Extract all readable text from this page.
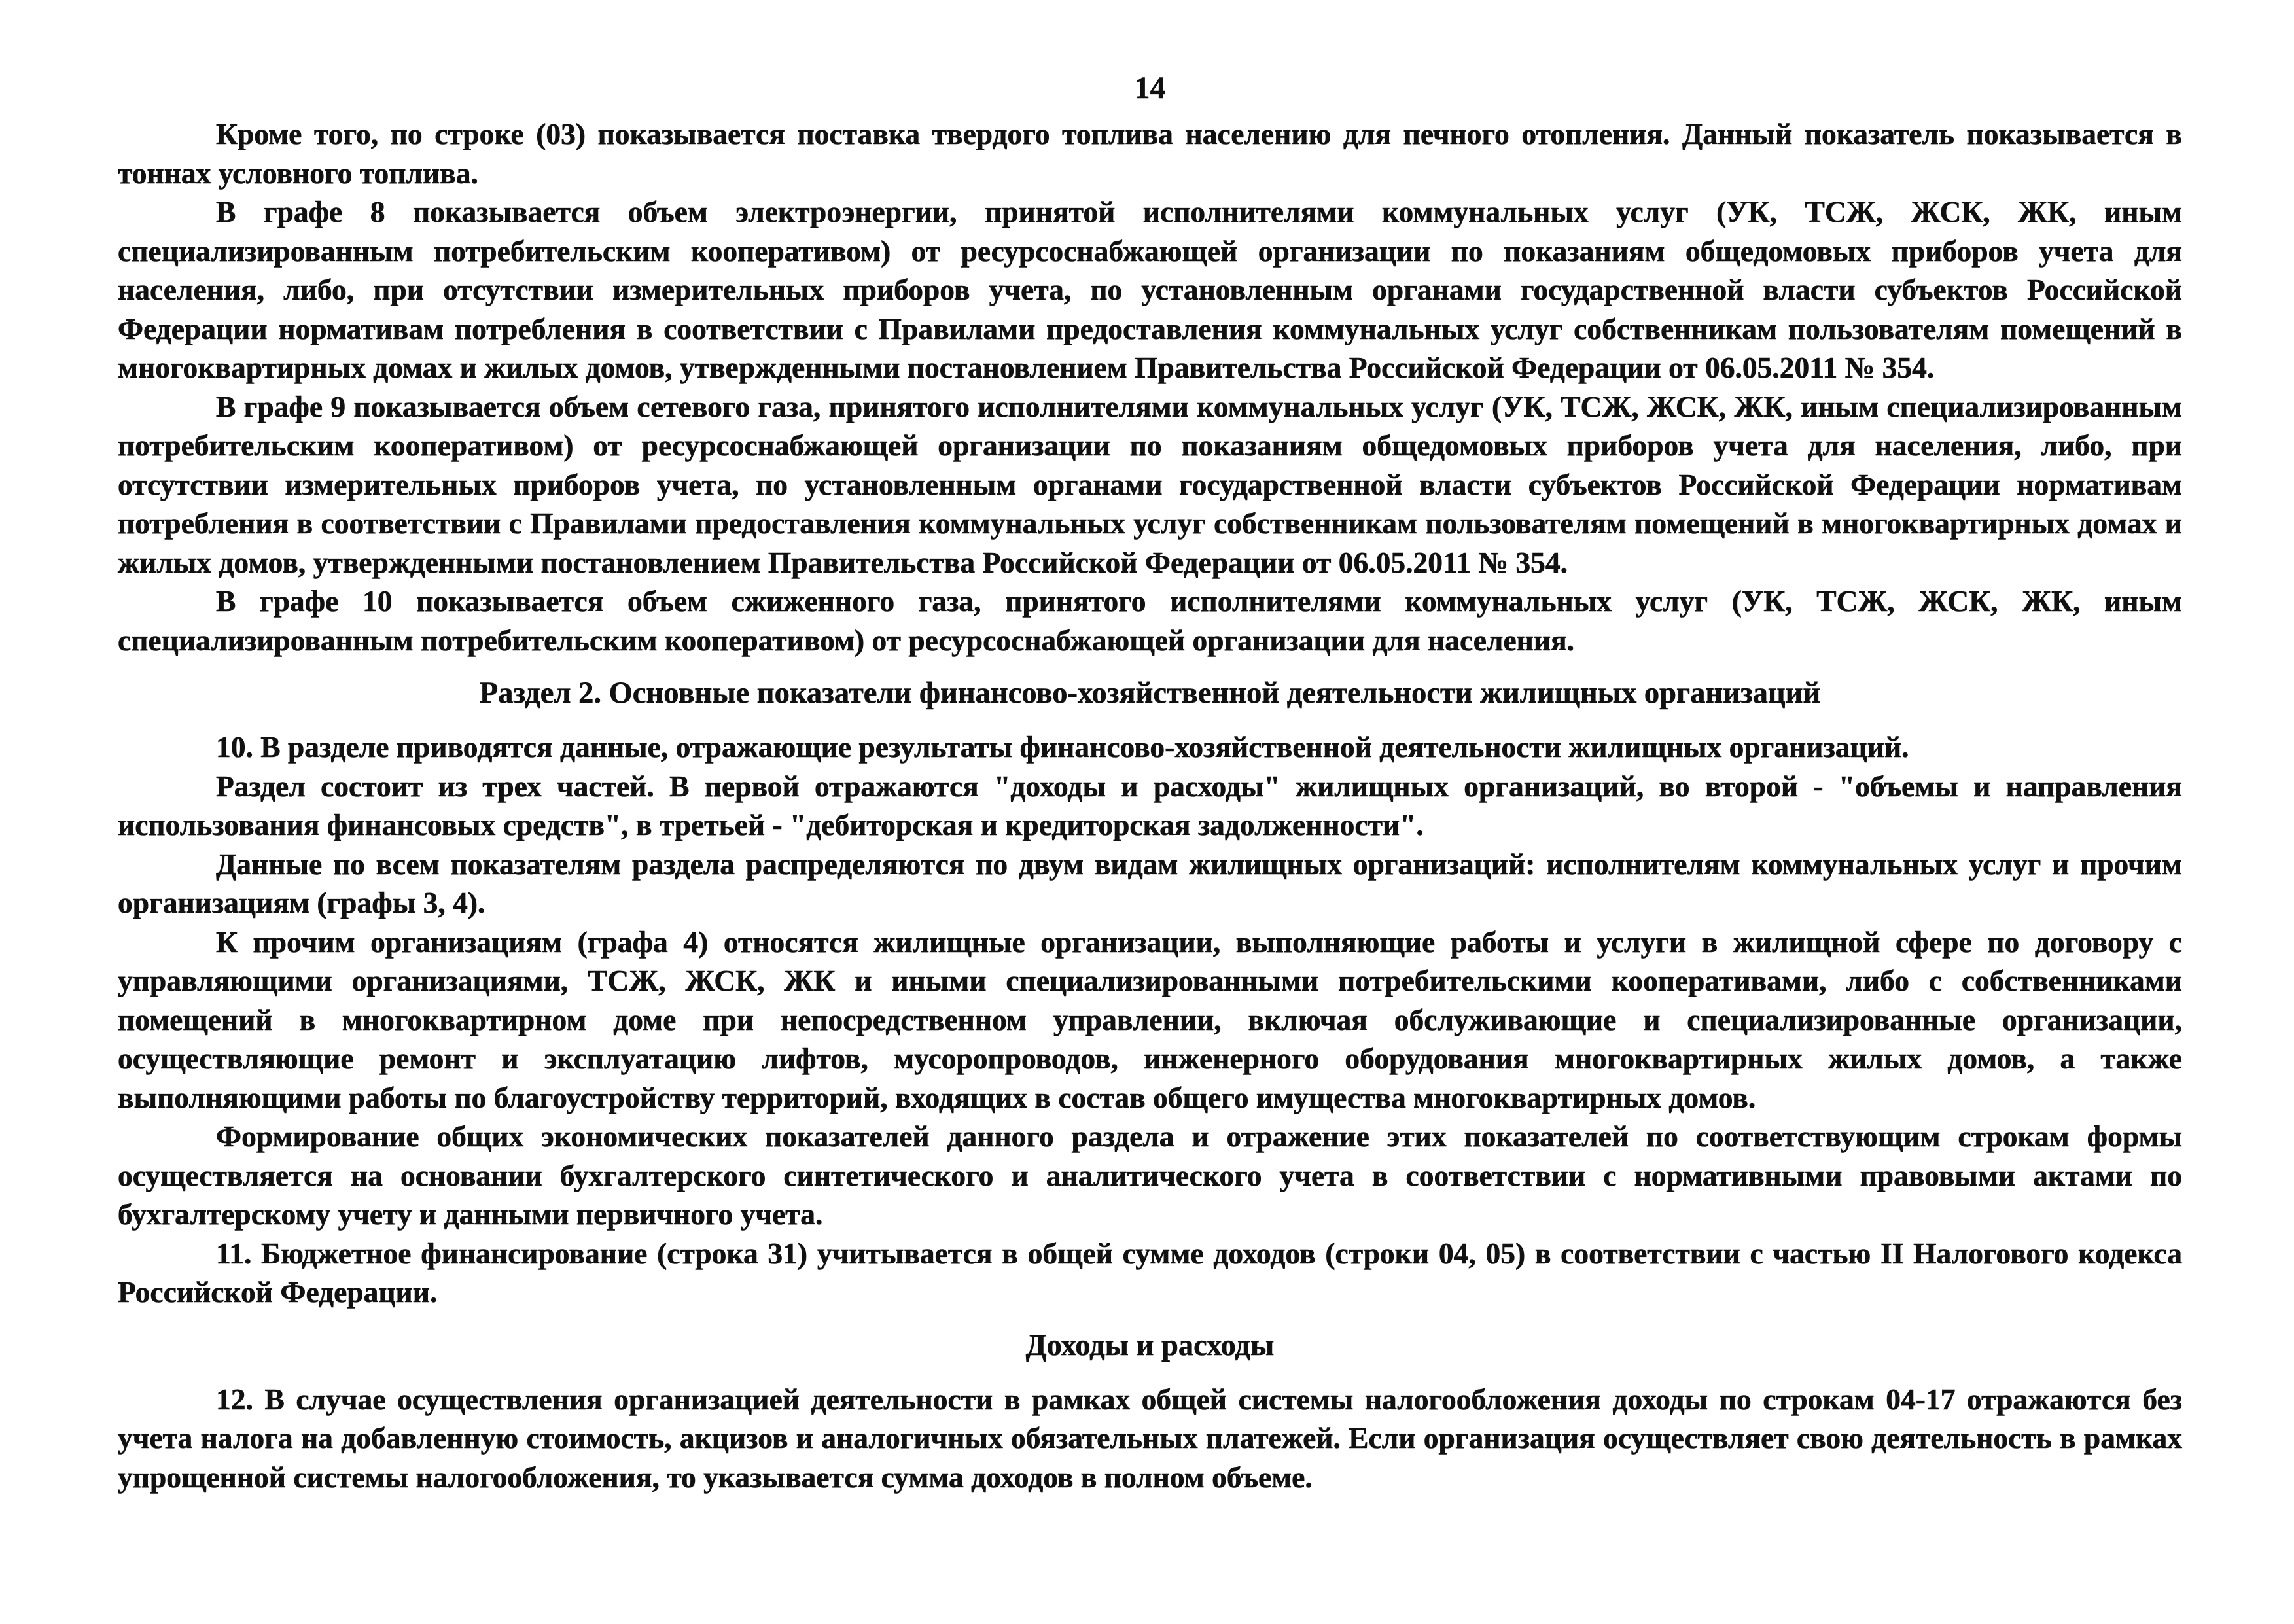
14

Кроме того, по строке (03) показывается поставка твердого топлива населению для печного отопления. Данный показатель показывается в тоннах условного топлива.

В графе 8 показывается объем электроэнергии, принятой исполнителями коммунальных услуг (УК, ТСЖ, ЖСК, ЖК, иным специализированным потребительским кооперативом) от ресурсоснабжающей организации по показаниям общедомовых приборов учета для населения, либо, при отсутствии измерительных приборов учета, по установленным органами государственной власти субъектов Российской Федерации нормативам потребления в соответствии с Правилами предоставления коммунальных услуг собственникам пользователям помещений в многоквартирных домах и жилых домов, утвержденными постановлением Правительства Российской Федерации от 06.05.2011 № 354.

В графе 9 показывается объем сетевого газа, принятого исполнителями коммунальных услуг (УК, ТСЖ, ЖСК, ЖК, иным специализированным потребительским кооперативом) от ресурсоснабжающей организации по показаниям общедомовых приборов учета для населения, либо, при отсутствии измерительных приборов учета, по установленным органами государственной власти субъектов Российской Федерации нормативам потребления в соответствии с Правилами предоставления коммунальных услуг собственникам пользователям помещений в многоквартирных домах и жилых домов, утвержденными постановлением Правительства Российской Федерации от 06.05.2011 № 354.

В графе 10 показывается объем сжиженного газа, принятого исполнителями коммунальных услуг (УК, ТСЖ, ЖСК, ЖК, иным специализированным потребительским кооперативом) от ресурсоснабжающей организации для населения.

Раздел 2. Основные показатели финансово-хозяйственной деятельности жилищных организаций

10. В разделе приводятся данные, отражающие результаты финансово-хозяйственной деятельности жилищных организаций.

Раздел состоит из трех частей. В первой отражаются "доходы и расходы" жилищных организаций, во второй - "объемы и направления использования финансовых средств", в третьей - "дебиторская и кредиторская задолженности".

Данные по всем показателям раздела распределяются по двум видам жилищных организаций: исполнителям коммунальных услуг и прочим организациям (графы 3, 4).

К прочим организациям (графа 4) относятся жилищные организации, выполняющие работы и услуги в жилищной сфере по договору с управляющими организациями, ТСЖ, ЖСК, ЖК и иными специализированными потребительскими кооперативами, либо с собственниками помещений в многоквартирном доме при непосредственном управлении, включая обслуживающие и специализированные организации, осуществляющие ремонт и эксплуатацию лифтов, мусоропроводов, инженерного оборудования многоквартирных жилых домов, а также выполняющими работы по благоустройству территорий, входящих в состав общего имущества многоквартирных домов.

Формирование общих экономических показателей данного раздела и отражение этих показателей по соответствующим строкам формы осуществляется на основании бухгалтерского синтетического и аналитического учета в соответствии с нормативными правовыми актами по бухгалтерскому учету и данными первичного учета.

11. Бюджетное финансирование (строка 31) учитывается в общей сумме доходов (строки 04, 05) в соответствии с частью II Налогового кодекса Российской Федерации.

Доходы и расходы

12. В случае осуществления организацией деятельности в рамках общей системы налогообложения доходы по строкам 04-17 отражаются без учета налога на добавленную стоимость, акцизов и аналогичных обязательных платежей. Если организация осуществляет свою деятельность в рамках упрощенной системы налогообложения, то указывается сумма доходов в полном объеме.
